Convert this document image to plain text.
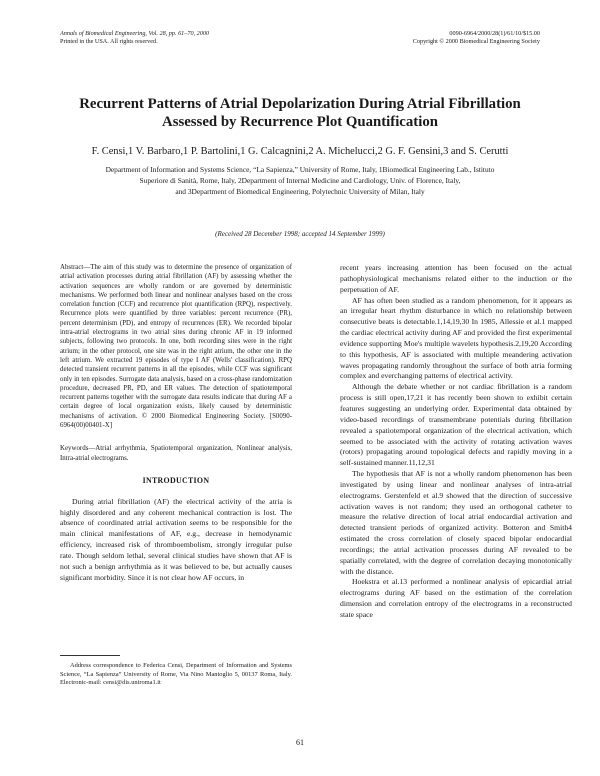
Annals of Biomedical Engineering, Vol. 28, pp. 61–70, 2000
Printed in the USA. All rights reserved.
0090-6964/2000/28(1)/61/10/$15.00
Copyright © 2000 Biomedical Engineering Society
Recurrent Patterns of Atrial Depolarization During Atrial Fibrillation
Assessed by Recurrence Plot Quantification
F. Censi,1 V. Barbaro,1 P. Bartolini,1 G. Calcagnini,2 A. Michelucci,2 G. F. Gensini,3 and S. Cerutti
Department of Information and Systems Science, “La Sapienza,” University of Rome, Italy, 1Biomedical Engineering Lab., Istituto
Superiore di Sanità, Rome, Italy, 2Department of Internal Medicine and Cardiology, Univ. of Florence, Italy,
and 3Department of Biomedical Engineering, Polytechnic University of Milan, Italy
(Received 28 December 1998; accepted 14 September 1999)

Abstract—The aim of this study was to determine the presence of organization of atrial activation processes during atrial fibrillation (AF) by assessing whether the activation sequences are wholly random or are governed by deterministic mechanisms. We performed both linear and nonlinear analyses based on the cross correlation function (CCF) and recurrence plot quantification (RPQ), respectively. Recurrence plots were quantified by three variables: percent recurrence (PR), percent determinism (PD), and entropy of recurrences (ER). We recorded bipolar intra-atrial electrograms in two atrial sites during chronic AF in 19 informed subjects, following two protocols. In one, both recording sites were in the right atrium; in the other protocol, one site was in the right atrium, the other one in the left atrium. We extracted 19 episodes of type I AF (Wells' classification). RPQ detected transient recurrent patterns in all the episodes, while CCF was significant only in ten episodes. Surrogate data analysis, based on a cross-phase randomization procedure, decreased PR, PD, and ER values. The detection of spatiotemporal recurrent patterns together with the surrogate data results indicate that during AF a certain degree of local organization exists, likely caused by deterministic mechanisms of activation. © 2000 Biomedical Engineering Society. [S0090-6964(00)00401-X]

Keywords—Atrial arrhythmia, Spatiotemporal organization, Nonlinear analysis, Intra-atrial electrograms.

INTRODUCTION

During atrial fibrillation (AF) the electrical activity of the atria is highly disordered and any coherent mechanical contraction is lost. The absence of coordinated atrial activation seems to be responsible for the main clinical manifestations of AF, e.g., decrease in hemodynamic efficiency, increased risk of thromboembolism, strongly irregular pulse rate. Though seldom lethal, several clinical studies have shown that AF is not such a benign arrhythmia as it was believed to be, but actually causes significant morbidity. Since it is not clear how AF occurs, in

Address correspondence to Federica Censi, Department of Information and Systems Science, “La Sapienza” University of Rome, Via Nino Mantoglio 5, 00137 Roma, Italy. Electronic-mail: censi@dis.uniroma1.it

recent years increasing attention has been focused on the actual pathophysiological mechanisms related either to the induction or the perpetuation of AF.

AF has often been studied as a random phenomenon, for it appears as an irregular heart rhythm disturbance in which no relationship between consecutive beats is detectable.1,14,19,30 In 1985, Allessie et al.1 mapped the cardiac electrical activity during AF and provided the first experimental evidence supporting Moe's multiple wavelets hypothesis.2,19,20 According to this hypothesis, AF is associated with multiple meandering activation waves propagating randomly throughout the surface of both atria forming complex and everchanging patterns of electrical activity.

Although the debate whether or not cardiac fibrillation is a random process is still open,17,21 it has recently been shown to exhibit certain features suggesting an underlying order. Experimental data obtained by video-based recordings of transmembrane potentials during fibrillation revealed a spatiotemporal organization of the electrical activation, which seemed to be associated with the activity of rotating activation waves (rotors) propagating around topological defects and rapidly moving in a self-sustained manner.11,12,31

The hypothesis that AF is not a wholly random phenomenon has been investigated by using linear and nonlinear analyses of intra-atrial electrograms. Gerstenfeld et al.9 showed that the direction of successive activation waves is not random; they used an orthogonal catheter to measure the relative direction of local atrial endocardial activation and detected transient periods of organized activity. Botteron and Smith4 estimated the cross correlation of closely spaced bipolar endocardial recordings; the atrial activation processes during AF revealed to be spatially correlated, with the degree of correlation decaying monotonically with the distance.

Hoekstra et al.13 performed a nonlinear analysis of epicardial atrial electrograms during AF based on the estimation of the correlation dimension and correlation entropy of the electrograms in a reconstructed state space

61
